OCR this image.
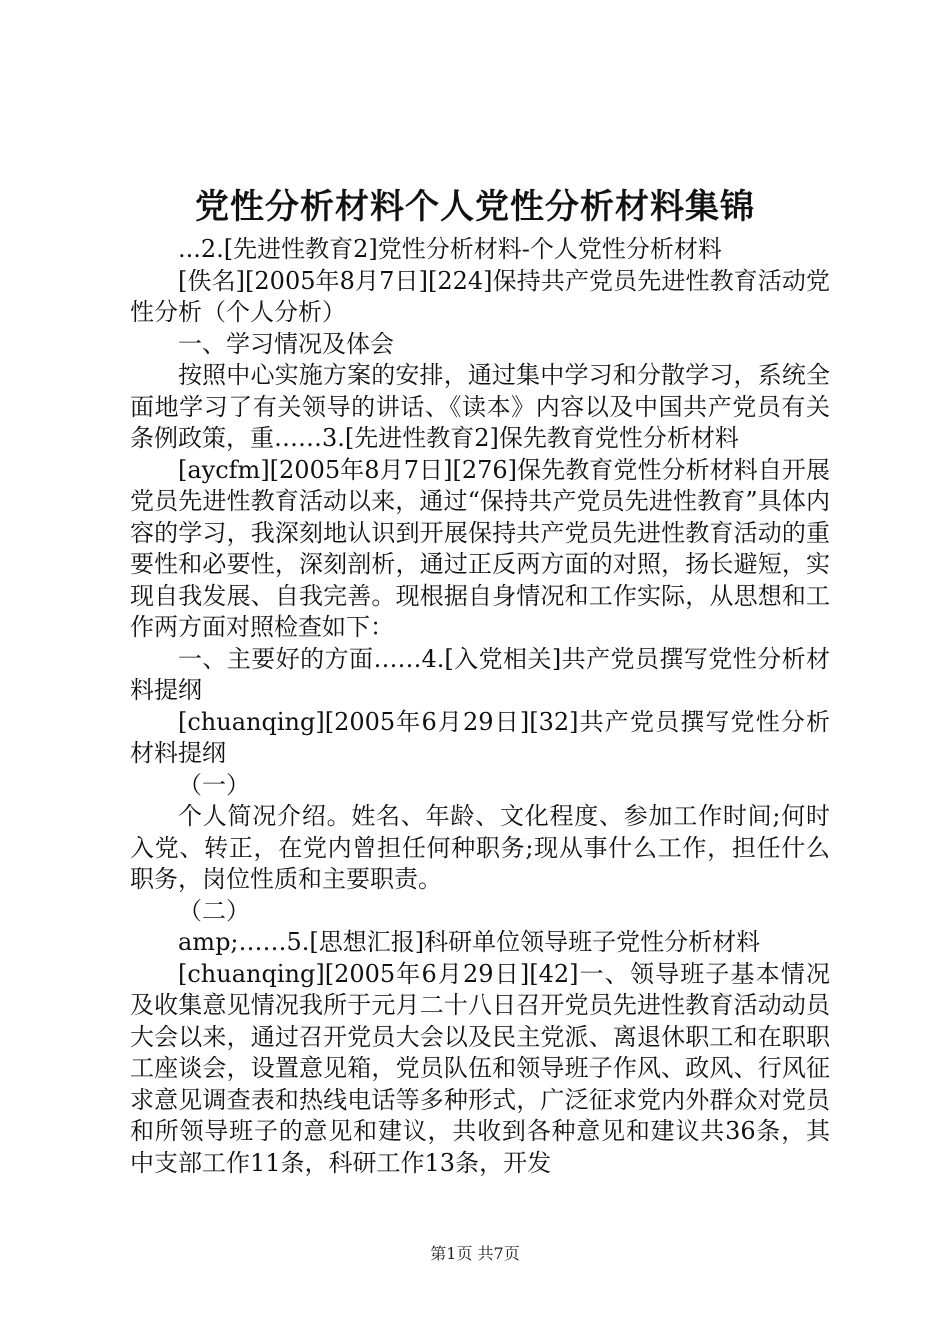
党性分析材料个人党性分析材料集锦

...2.[先进性教育2]党性分析材料-个人党性分析材料

[佚名][2005年8月7日][224]保持共产党员先进性教育活动党性分析（个人分析）

一、学习情况及体会

按照中心实施方案的安排，通过集中学习和分散学习，系统全面地学习了有关领导的讲话、《读本》内容以及中国共产党员有关条例政策，重……3.[先进性教育2]保先教育党性分析材料

[aycfm][2005年8月7日][276]保先教育党性分析材料自开展党员先进性教育活动以来，通过“保持共产党员先进性教育”具体内容的学习，我深刻地认识到开展保持共产党员先进性教育活动的重要性和必要性，深刻剖析，通过正反两方面的对照，扬长避短，实现自我发展、自我完善。现根据自身情况和工作实际，从思想和工作两方面对照检查如下：

一、主要好的方面……4.[入党相关]共产党员撰写党性分析材料提纲

[chuanqing][2005年6月29日][32]共产党员撰写党性分析材料提纲

（一）

个人简况介绍。姓名、年龄、文化程度、参加工作时间;何时入党、转正，在党内曾担任何种职务;现从事什么工作，担任什么职务，岗位性质和主要职责。

（二）

amp;……5.[思想汇报]科研单位领导班子党性分析材料

[chuanqing][2005年6月29日][42]一、领导班子基本情况及收集意见情况我所于元月二十八日召开党员先进性教育活动动员大会以来，通过召开党员大会以及民主党派、离退休职工和在职职工座谈会，设置意见箱，党员队伍和领导班子作风、政风、行风征求意见调查表和热线电话等多种形式，广泛征求党内外群众对党员和所领导班子的意见和建议，共收到各种意见和建议共36条，其中支部工作11条，科研工作13条，开发

第1页 共7页
